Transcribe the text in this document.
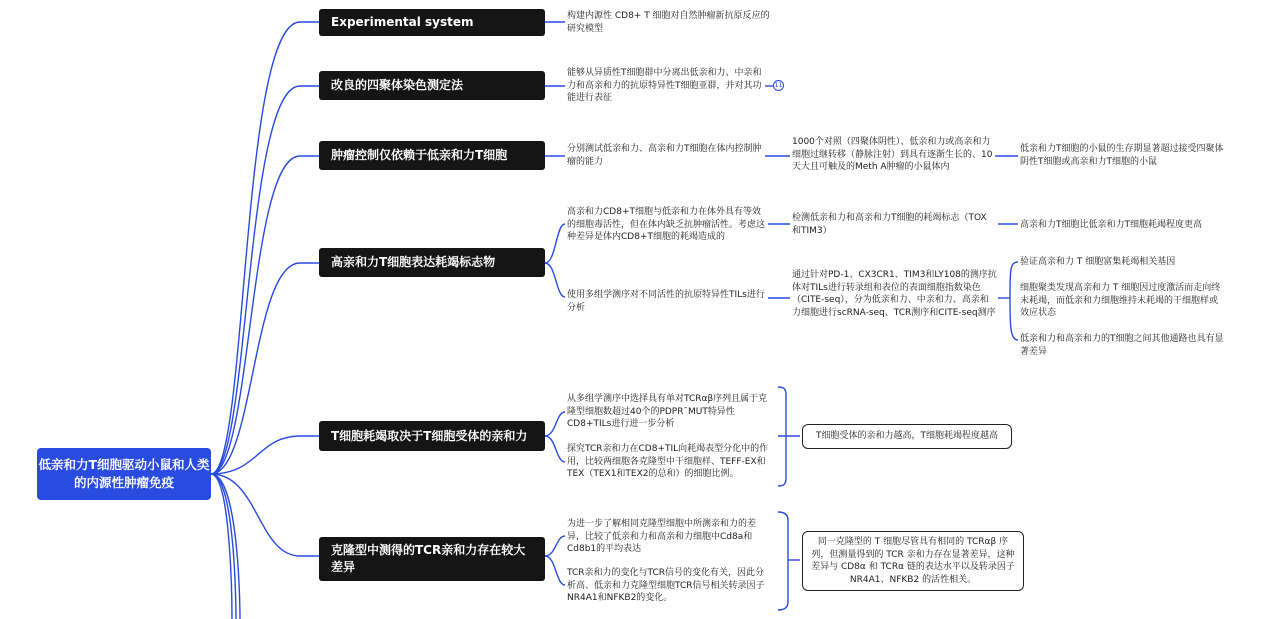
低亲和力T细胞驱动小鼠和人类的内源性肿瘤免疫
Experimental system
改良的四聚体染色测定法
肿瘤控制仅依赖于低亲和力T细胞
高亲和力T细胞表达耗竭标志物
T细胞耗竭取决于T细胞受体的亲和力
克隆型中测得的TCR亲和力存在较大差异
构建内源性 CD8+ T 细胞对自然肿瘤新抗原反应的研究模型
能够从异质性T细胞群中分离出低亲和力、中亲和力和高亲和力的抗原特异性T细胞亚群，并对其功能进行表征
11
分别测试低亲和力、高亲和力T细胞在体内控制肿瘤的能力
1000个对照（四聚体阴性）、低亲和力或高亲和力细胞过继转移（静脉注射）到具有逐渐生长的、10天大且可触及的Meth A肿瘤的小鼠体内
低亲和力T细胞的小鼠的生存期显著超过接受四聚体阴性T细胞或高亲和力T细胞的小鼠
高亲和力CD8+T细胞与低亲和力在体外具有等效的细胞毒活性，但在体内缺乏抗肿瘤活性。考虑这种差异是体内CD8+T细胞的耗竭造成的
检测低亲和力和高亲和力T细胞的耗竭标志（TOX和TIM3）
高亲和力T细胞比低亲和力T细胞耗竭程度更高
使用多组学测序对不同活性的抗原特异性TILs进行分析
通过针对PD-1、CX3CR1、TIM3和LY108的测序抗体对TILs进行转录组和表位的表面细胞指数染色（CITE-seq），分为低亲和力、中亲和力、高亲和力细胞进行scRNA-seq、TCR测序和CITE-seq测序
验证高亲和力 T 细胞富集耗竭相关基因
细胞聚类发现高亲和力 T 细胞因过度激活而走向终末耗竭，而低亲和力细胞维持未耗竭的干细胞样或效应状态
低亲和力和高亲和力的T细胞之间其他通路也具有显著差异
从多组学测序中选择具有单对TCRαβ序列且属于克隆型细胞数超过40个的PDPR¯MUT特异性CD8+TILs进行进一步分析
探究TCR亲和力在CD8+TIL向耗竭表型分化中的作用，比较两细胞各克隆型中干细胞样、TEFF-EX和TEX（TEX1和TEX2的总和）的细胞比例。
T细胞受体的亲和力越高，T细胞耗竭程度越高
为进一步了解相同克隆型细胞中所测亲和力的差异，比较了低亲和力和高亲和力细胞中Cd8a和Cd8b1的平均表达
TCR亲和力的变化与TCR信号的变化有关，因此分析高、低亲和力克隆型细胞TCR信号相关转录因子NR4A1和NFKB2的变化。
同一克隆型的 T 细胞尽管具有相同的 TCRαβ 序列，但测量得到的 TCR 亲和力存在显著差异，这种差异与 CD8α 和 TCRα 链的表达水平以及转录因子 NR4A1、NFKB2 的活性相关。
